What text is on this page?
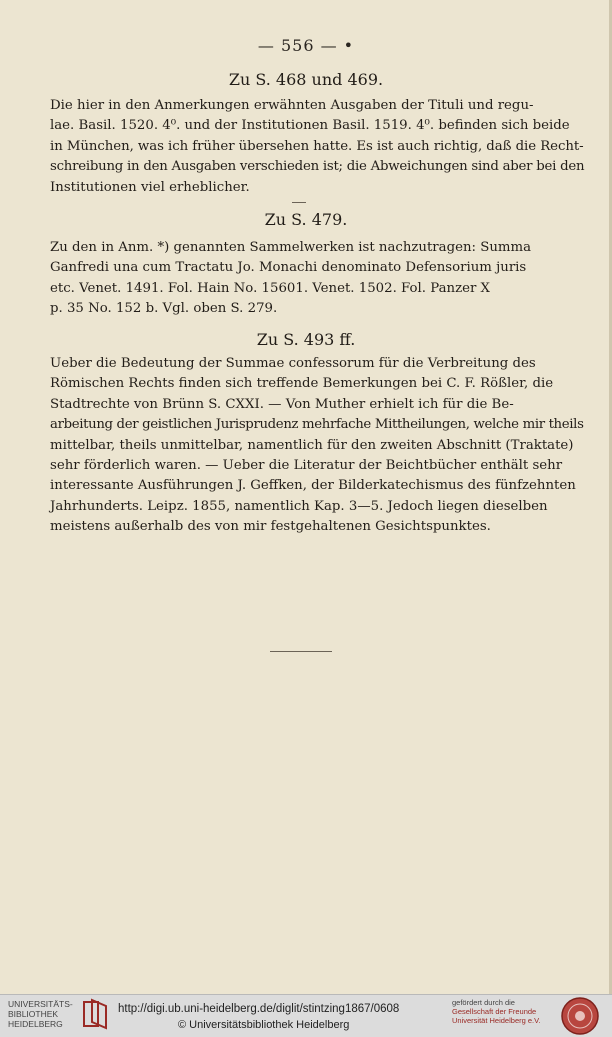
— 556 — •
Zu S. 468 und 469.

Die hier in den Anmerkungen erwähnten Ausgaben der Tituli und regu-
lae. Basil. 1520. 4⁰. und der Institutionen Basil. 1519. 4⁰. befinden sich beide
in München, was ich früher übersehen hatte. Es ist auch richtig, daß die Recht-
schreibung in den Ausgaben verschieden ist; die Abweichungen sind aber bei den
Institutionen viel erheblicher.

Zu S. 479.

Zu den in Anm. *) genannten Sammelwerken ist nachzutragen: Summa
Ganfredi una cum Tractatu Jo. Monachi denominato Defensorium juris
etc. Venet. 1491. Fol. Hain No. 15601. Venet. 1502. Fol. Panzer X
p. 35 No. 152 b. Vgl. oben S. 279.

Zu S. 493 ff.

Ueber die Bedeutung der Summae confessorum für die Verbreitung des
Römischen Rechts finden sich treffende Bemerkungen bei C. F. Rößler, die
Stadtrechte von Brünn S. CXXI. — Von Muther erhielt ich für die Be-
arbeitung der geistlichen Jurisprudenz mehrfache Mittheilungen, welche mir theils
mittelbar, theils unmittelbar, namentlich für den zweiten Abschnitt (Traktate)
sehr förderlich waren. — Ueber die Literatur der Beichtbücher enthält sehr
interessante Ausführungen J. Geffken, der Bilderkatechismus des fünfzehnten
Jahrhunderts. Leipz. 1855, namentlich Kap. 3—5. Jedoch liegen dieselben
meistens außerhalb des von mir festgehaltenen Gesichtspunktes.

UNIVERSITÄTS-
BIBLIOTHEK
HEIDELBERG
http://digi.ub.uni-heidelberg.de/diglit/stintzing1867/0608
© Universitätsbibliothek Heidelberg
gefördert durch die
Gesellschaft der Freunde
Universität Heidelberg e.V.
